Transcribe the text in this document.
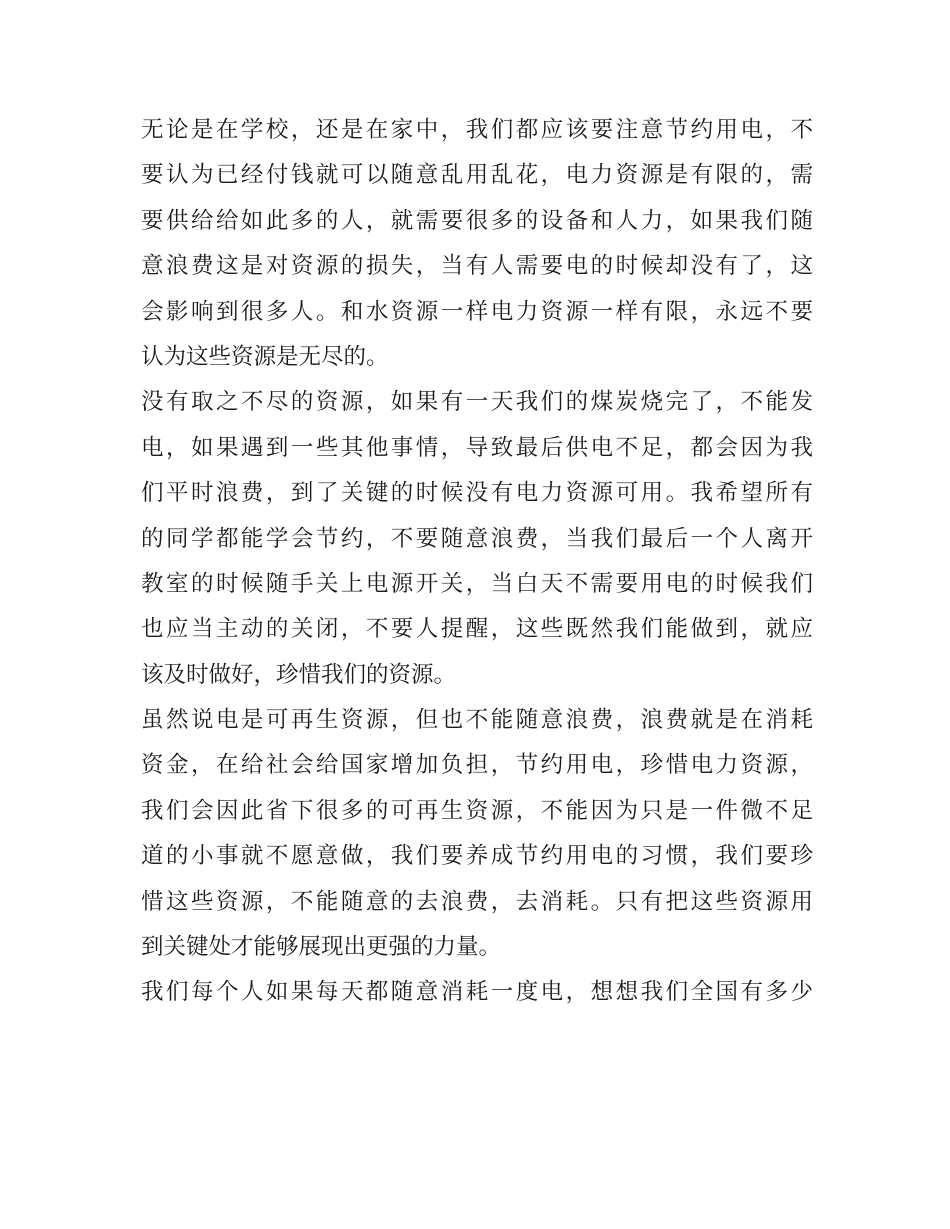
无论是在学校，还是在家中，我们都应该要注意节约用电，不
要认为已经付钱就可以随意乱用乱花，电力资源是有限的，需
要供给给如此多的人，就需要很多的设备和人力，如果我们随
意浪费这是对资源的损失，当有人需要电的时候却没有了，这
会影响到很多人。和水资源一样电力资源一样有限，永远不要
认为这些资源是无尽的。
没有取之不尽的资源，如果有一天我们的煤炭烧完了，不能发
电，如果遇到一些其他事情，导致最后供电不足，都会因为我
们平时浪费，到了关键的时候没有电力资源可用。我希望所有
的同学都能学会节约，不要随意浪费，当我们最后一个人离开
教室的时候随手关上电源开关，当白天不需要用电的时候我们
也应当主动的关闭，不要人提醒，这些既然我们能做到，就应
该及时做好，珍惜我们的资源。
虽然说电是可再生资源，但也不能随意浪费，浪费就是在消耗
资金，在给社会给国家增加负担，节约用电，珍惜电力资源，
我们会因此省下很多的可再生资源，不能因为只是一件微不足
道的小事就不愿意做，我们要养成节约用电的习惯，我们要珍
惜这些资源，不能随意的去浪费，去消耗。只有把这些资源用
到关键处才能够展现出更强的力量。
我们每个人如果每天都随意消耗一度电，想想我们全国有多少
